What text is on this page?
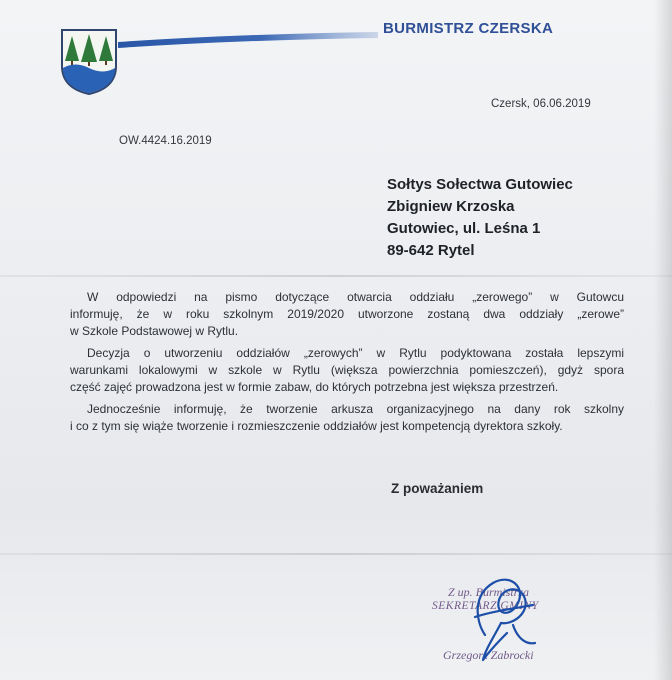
BURMISTRZ CZERSKA
Czersk, 06.06.2019
OW.4424.16.2019
Sołtys Sołectwa Gutowiec
Zbigniew Krzoska
Gutowiec, ul. Leśna 1
89-642 Rytel
W odpowiedzi na pismo dotyczące otwarcia oddziału „zerowego” w Gutowcu
informuję, że w roku szkolnym 2019/2020 utworzone zostaną dwa oddziały „zerowe”
w Szkole Podstawowej w Rytlu.
Decyzja o utworzeniu oddziałów „zerowych” w Rytlu podyktowana została lepszymi
warunkami lokalowymi w szkole w Rytlu (większa powierzchnia pomieszczeń), gdyż spora
część zajęć prowadzona jest w formie zabaw, do których potrzebna jest większa przestrzeń.
Jednocześnie informuję, że tworzenie arkusza organizacyjnego na dany rok szkolny
i co z tym się wiąże tworzenie i rozmieszczenie oddziałów jest kompetencją dyrektora szkoły.
Z poważaniem
Z up. Burmistrza
SEKRETARZ GMINY
Grzegorz Zabrocki
